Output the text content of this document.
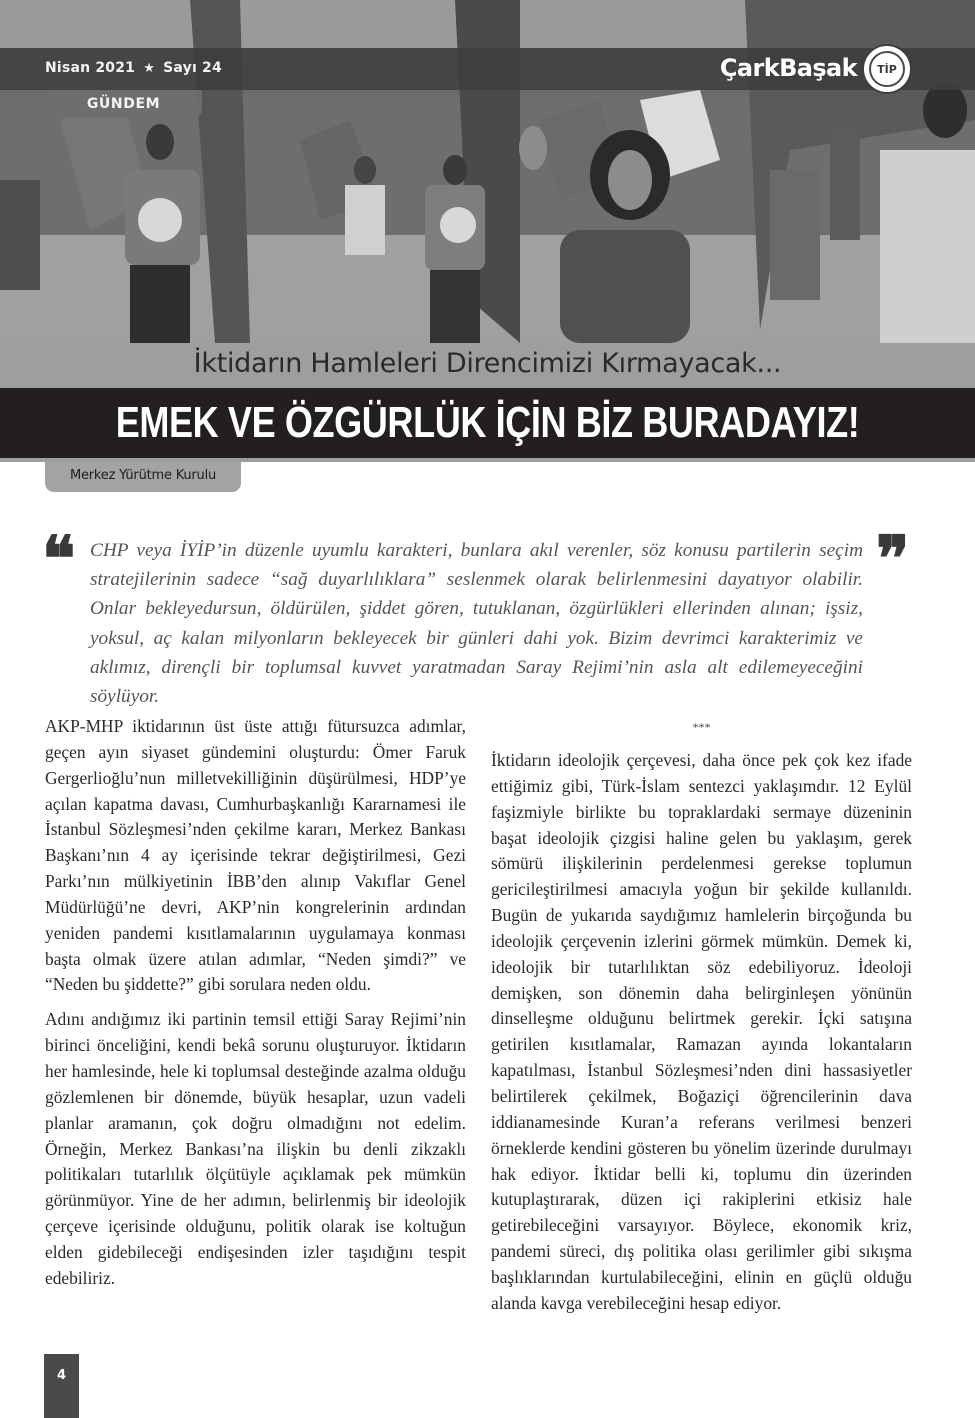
Nisan 2021 ★ Sayı 24	ÇarkBaşak	TİP
GÜNDEM
İktidarın Hamleleri Direncimizi Kırmayacak...
EMEK VE ÖZGÜRLÜK İÇİN BİZ BURADAYIZ!
Merkez Yürütme Kurulu
❝ CHP veya İYİP’in düzenle uyumlu karakteri, bunlara akıl verenler, söz konusu partilerin seçim stratejilerinin sadece “sağ duyarlılıklara” seslenmek olarak belirlenmesini dayatıyor olabilir. Onlar bekleyedursun, öldürülen, şiddet gören, tutuklanan, özgürlükleri ellerinden alınan; işsiz, yoksul, aç kalan milyonların bekleyecek bir günleri dahi yok. Bizim devrimci karakterimiz ve aklımız, dirençli bir toplumsal kuvvet yaratmadan Saray Rejimi’nin asla alt edilemeyeceğini söylüyor.

❞

AKP-MHP iktidarının üst üste attığı fütursuzca adımlar, geçen ayın siyaset gündemini oluşturdu: Ömer Faruk Gergerlioğlu’nun milletvekilliğinin düşürülmesi, HDP’ye açılan kapatma davası, Cumhurbaşkanlığı Kararnamesi ile İstanbul Sözleşmesi’nden çekilme kararı, Merkez Bankası Başkanı’nın 4 ay içerisinde tekrar değiştirilmesi, Gezi Parkı’nın mülkiyetinin İBB’den alınıp Vakıflar Genel Müdürlüğü’ne devri, AKP’nin kongrelerinin ardından yeniden pandemi kısıtlamalarının uygulamaya konması başta olmak üzere atılan adımlar, “Neden şimdi?” ve “Neden bu şiddette?” gibi sorulara neden oldu.

Adını andığımız iki partinin temsil ettiği Saray Rejimi’nin birinci önceliğini, kendi bekâ sorunu oluşturuyor. İktidarın her hamlesinde, hele ki toplumsal desteğinde azalma olduğu gözlemlenen bir dönemde, büyük hesaplar, uzun vadeli planlar aramanın, çok doğru olmadığını not edelim. Örneğin, Merkez Bankası’na ilişkin bu denli zikzaklı politikaları tutarlılık ölçütüyle açıklamak pek mümkün görünmüyor. Yine de her adımın, belirlenmiş bir ideolojik çerçeve içerisinde olduğunu, politik olarak ise koltuğun elden gidebileceği endişesinden izler taşıdığını tespit edebiliriz.

***

İktidarın ideolojik çerçevesi, daha önce pek çok kez ifade ettiğimiz gibi, Türk-İslam sentezci yaklaşımdır. 12 Eylül faşizmiyle birlikte bu topraklardaki sermaye düzeninin başat ideolojik çizgisi haline gelen bu yaklaşım, gerek sömürü ilişkilerinin perdelenmesi gerekse toplumun gericileştirilmesi amacıyla yoğun bir şekilde kullanıldı. Bugün de yukarıda saydığımız hamlelerin birçoğunda bu ideolojik çerçevenin izlerini görmek mümkün. Demek ki, ideolojik bir tutarlılıktan söz edebiliyoruz. İdeoloji demişken, son dönemin daha belirginleşen yönünün dinselleşme olduğunu belirtmek gerekir. İçki satışına getirilen kısıtlamalar, Ramazan ayında lokantaların kapatılması, İstanbul Sözleşmesi’nden dini hassasiyetler belirtilerek çekilmek, Boğaziçi öğrencilerinin dava iddianamesinde Kuran’a referans verilmesi benzeri örneklerde kendini gösteren bu yönelim üzerinde durulmayı hak ediyor. İktidar belli ki, toplumu din üzerinden kutuplaştırarak, düzen içi rakiplerini etkisiz hale getirebileceğini varsayıyor. Böylece, ekonomik kriz, pandemi süreci, dış politika olası gerilimler gibi sıkışma başlıklarından kurtulabileceğini, elinin en güçlü olduğu alanda kavga verebileceğini hesap ediyor.

4
